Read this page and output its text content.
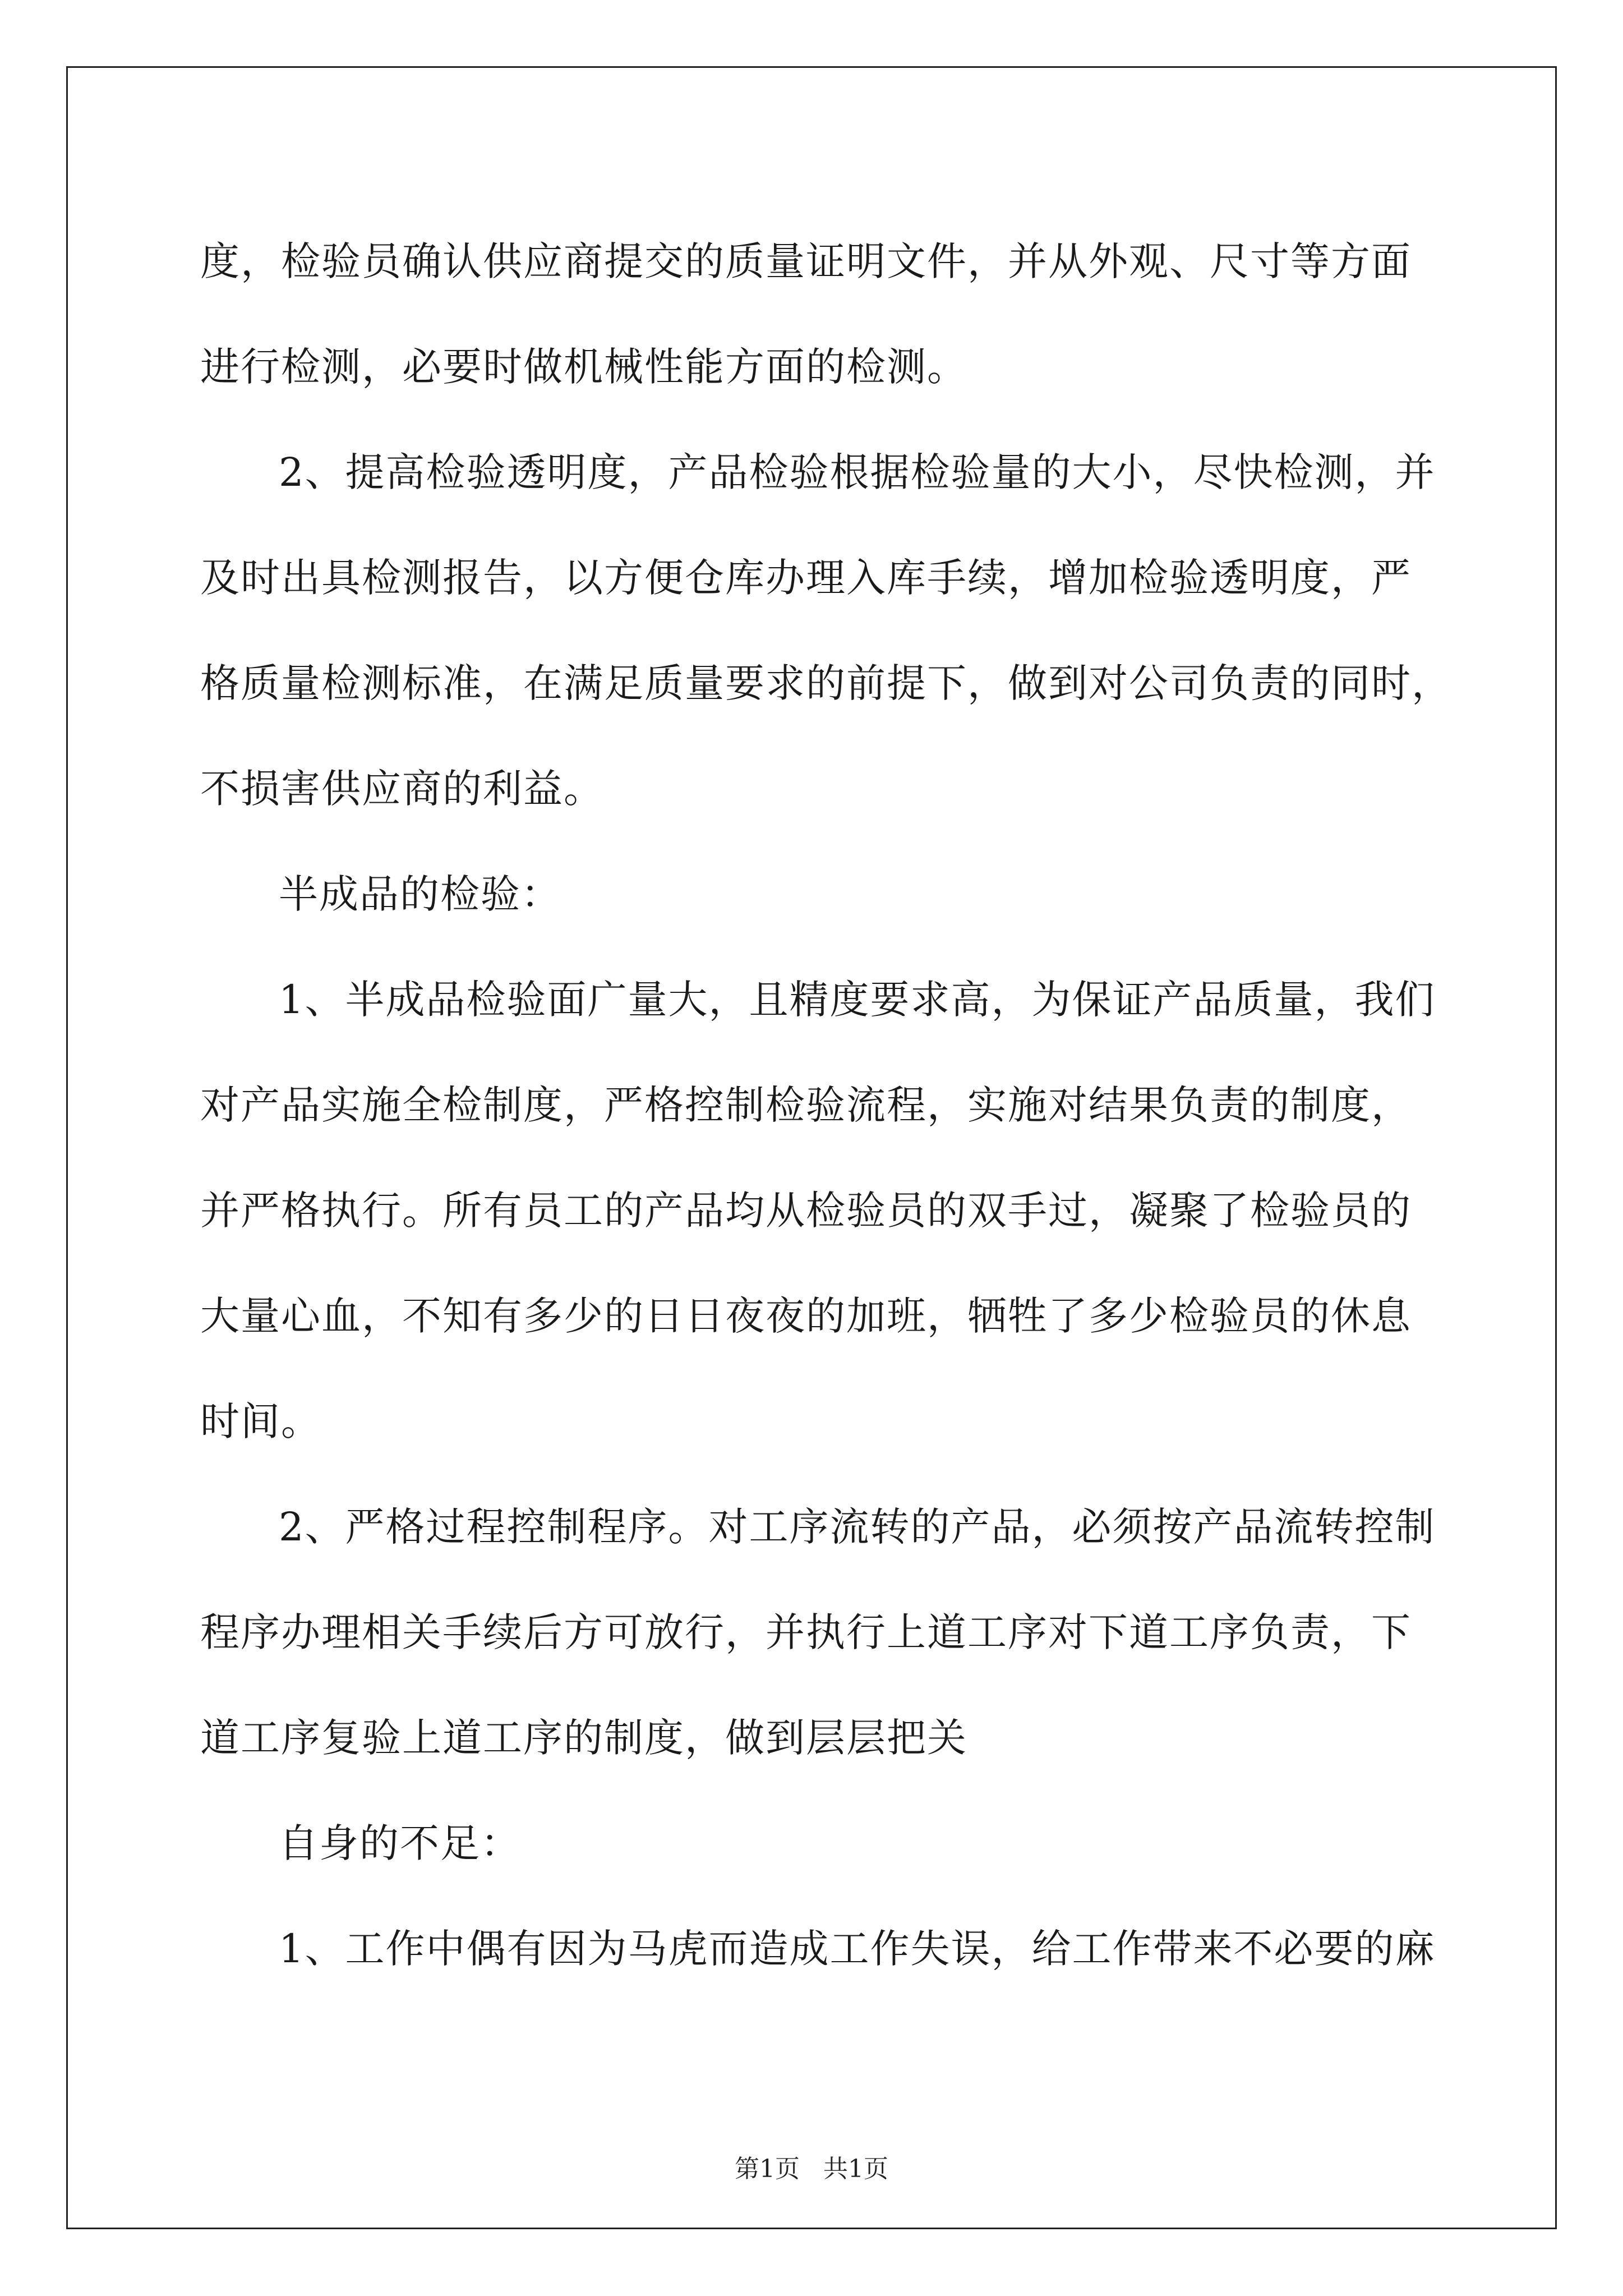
度，检验员确认供应商提交的质量证明文件，并从外观、尺寸等方面
进行检测，必要时做机械性能方面的检测。
2、提高检验透明度，产品检验根据检验量的大小，尽快检测，并
及时出具检测报告，以方便仓库办理入库手续，增加检验透明度，严
格质量检测标准，在满足质量要求的前提下，做到对公司负责的同时，
不损害供应商的利益。
半成品的检验：
1、半成品检验面广量大，且精度要求高，为保证产品质量，我们
对产品实施全检制度，严格控制检验流程，实施对结果负责的制度，
并严格执行。所有员工的产品均从检验员的双手过，凝聚了检验员的
大量心血，不知有多少的日日夜夜的加班，牺牲了多少检验员的休息
时间。
2、严格过程控制程序。对工序流转的产品，必须按产品流转控制
程序办理相关手续后方可放行，并执行上道工序对下道工序负责，下
道工序复验上道工序的制度，做到层层把关
自身的不足：
1、工作中偶有因为马虎而造成工作失误，给工作带来不必要的麻
第1页   共1页
